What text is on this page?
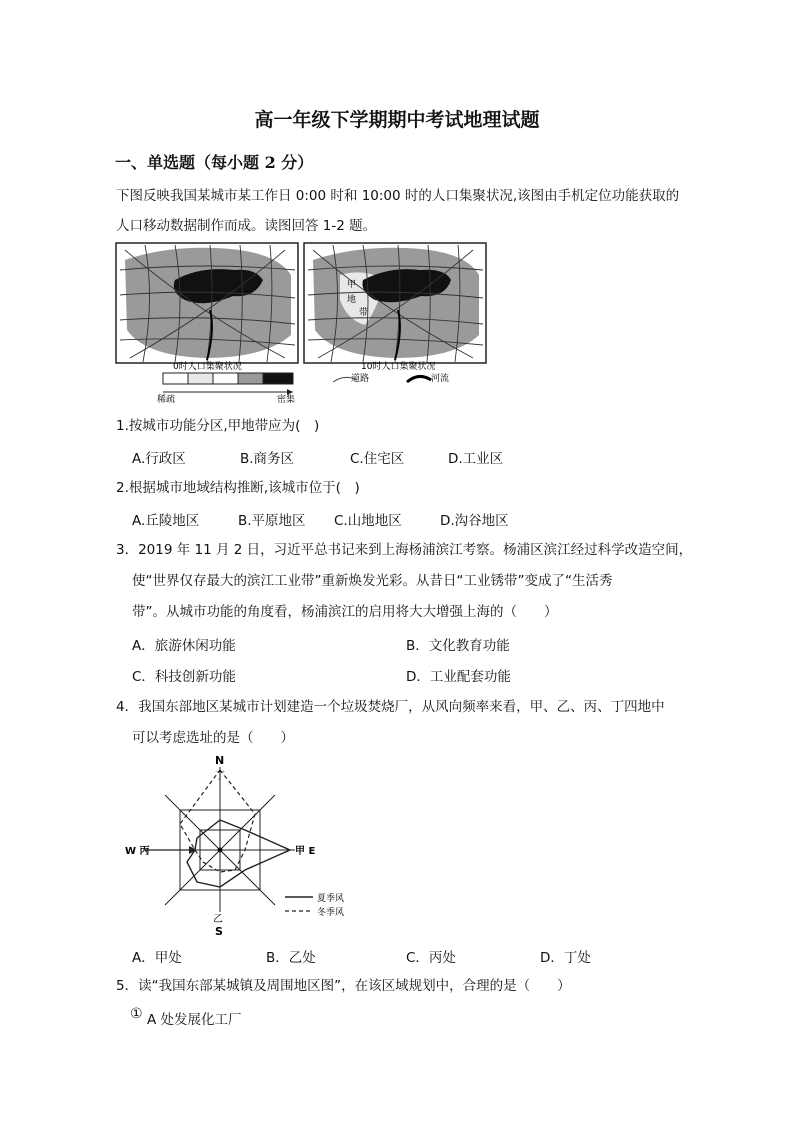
高一年级下学期期中考试地理试题
一、单选题（每小题 2 分）
下图反映我国某城市某工作日 0:00 时和 10:00 时的人口集聚状况,该图由手机定位功能获取的
人口移动数据制作而成。读图回答 1-2 题。
0时人口集聚状况
甲
地
带
10时人口集聚状况
稀疏	密集
道路	河流
1.按城市功能分区,甲地带应为(　)
A.行政区	B.商务区	C.住宅区	D.工业区
2.根据城市地域结构推断,该城市位于(　)
A.丘陵地区	B.平原地区 C.山地地区	D.沟谷地区
3．2019 年 11 月 2 日，习近平总书记来到上海杨浦滨江考察。杨浦区滨江经过科学改造空间，
使“世界仅存最大的滨江工业带”重新焕发光彩。从昔日“工业锈带”变成了“生活秀
带”。从城市功能的角度看，杨浦滨江的启用将大大增强上海的（　　）
A．旅游休闲功能	B．文化教育功能
C．科技创新功能	D．工业配套功能
4．我国东部地区某城市计划建造一个垃圾焚烧厂，从风向频率来看，甲、乙、丙、丁四地中
可以考虑选址的是（　　）
N
丁
乙
S
W 丙	甲 E
夏季风
冬季风
A．甲处	B．乙处	C．丙处	D．丁处
5．读“我国东部某城镇及周围地区图”，在该区域规划中，合理的是（　　）
① A 处发展化工厂
